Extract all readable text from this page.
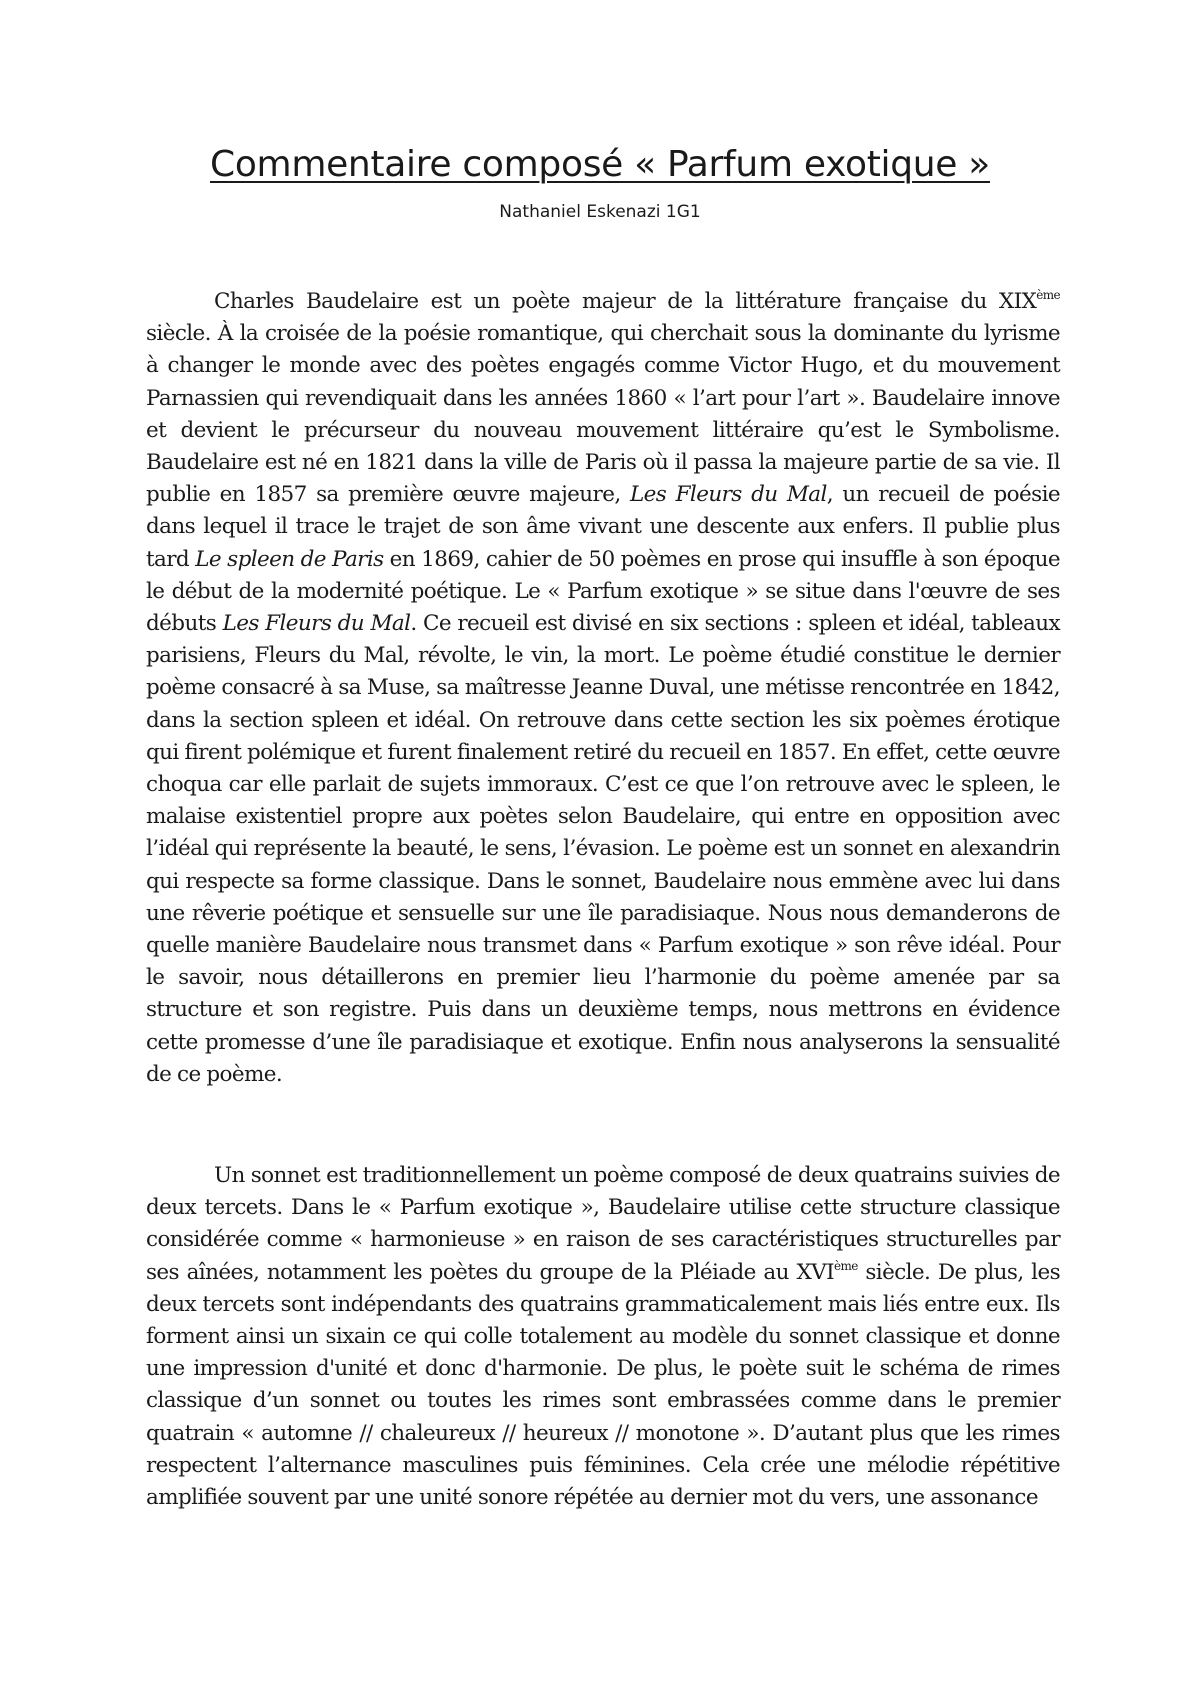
Commentaire composé « Parfum exotique »

Nathaniel Eskenazi 1G1

Charles Baudelaire est un poète majeur de la littérature française du XIXème siècle. À la croisée de la poésie romantique, qui cherchait sous la dominante du lyrisme à changer le monde avec des poètes engagés comme Victor Hugo, et du mouvement Parnassien qui revendiquait dans les années 1860 « l’art pour l’art ». Baudelaire innove et devient le précurseur du nouveau mouvement littéraire qu’est le Symbolisme. Baudelaire est né en 1821 dans la ville de Paris où il passa la majeure partie de sa vie. Il publie en 1857 sa première œuvre majeure, Les Fleurs du Mal, un recueil de poésie dans lequel il trace le trajet de son âme vivant une descente aux enfers. Il publie plus tard Le spleen de Paris en 1869, cahier de 50 poèmes en prose qui insuffle à son époque le début de la modernité poétique. Le « Parfum exotique » se situe dans l'œuvre de ses débuts Les Fleurs du Mal. Ce recueil est divisé en six sections : spleen et idéal, tableaux parisiens, Fleurs du Mal, révolte, le vin, la mort. Le poème étudié constitue le dernier poème consacré à sa Muse, sa maîtresse Jeanne Duval, une métisse rencontrée en 1842, dans la section spleen et idéal. On retrouve dans cette section les six poèmes érotique qui firent polémique et furent finalement retiré du recueil en 1857. En effet, cette œuvre choqua car elle parlait de sujets immoraux. C’est ce que l’on retrouve avec le spleen, le malaise existentiel propre aux poètes selon Baudelaire, qui entre en opposition avec l’idéal qui représente la beauté, le sens, l’évasion. Le poème est un sonnet en alexandrin qui respecte sa forme classique. Dans le sonnet, Baudelaire nous emmène avec lui dans une rêverie poétique et sensuelle sur une île paradisiaque. Nous nous demanderons de quelle manière Baudelaire nous transmet dans « Parfum exotique » son rêve idéal. Pour le savoir, nous détaillerons en premier lieu l’harmonie du poème amenée par sa structure et son registre. Puis dans un deuxième temps, nous mettrons en évidence cette promesse d’une île paradisiaque et exotique. Enfin nous analyserons la sensualité de ce poème.

Un sonnet est traditionnellement un poème composé de deux quatrains suivies de deux tercets. Dans le « Parfum exotique », Baudelaire utilise cette structure classique considérée comme « harmonieuse » en raison de ses caractéristiques structurelles par ses aînées, notamment les poètes du groupe de la Pléiade au XVIème siècle. De plus, les deux tercets sont indépendants des quatrains grammaticalement mais liés entre eux. Ils forment ainsi un sixain ce qui colle totalement au modèle du sonnet classique et donne une impression d'unité et donc d'harmonie. De plus, le poète suit le schéma de rimes classique d’un sonnet ou toutes les rimes sont embrassées comme dans le premier quatrain « automne // chaleureux // heureux // monotone ». D’autant plus que les rimes respectent l’alternance masculines puis féminines. Cela crée une mélodie répétitive amplifiée souvent par une unité sonore répétée au dernier mot du vers, une assonance
